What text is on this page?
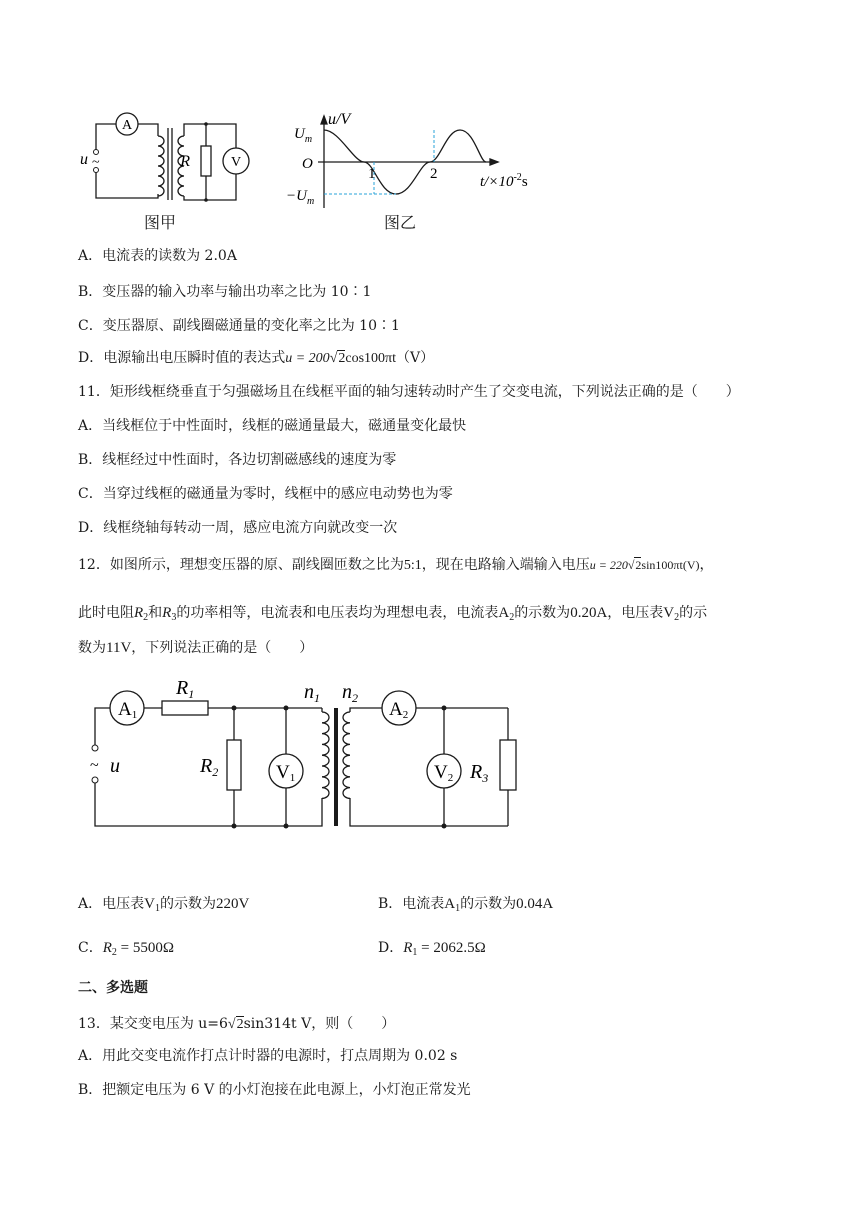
A
V
R
u ~
图甲
u/V
$U_m$
O
$-U_m$
1	2	$t/\times 10^{-2}s$
图乙
A．电流表的读数为 2.0A
B．变压器的输入功率与输出功率之比为 10∶1
C．变压器原、副线圈磁通量的变化率之比为 10∶1
D．电源输出电压瞬时值的表达式u = 200√2cos100πt（V）
11．矩形线框绕垂直于匀强磁场且在线框平面的轴匀速转动时产生了交变电流，下列说法正确的是（　　）
A．当线框位于中性面时，线框的磁通量最大，磁通量变化最快
B．线框经过中性面时，各边切割磁感线的速度为零
C．当穿过线框的磁通量为零时，线框中的感应电动势也为零
D．线框绕轴每转动一周，感应电流方向就改变一次
12．如图所示，理想变压器的原、副线圈匝数之比为5:1，现在电路输入端输入电压u = 220√2sin100πt(V)，
此时电阻$R_2$和$R_3$的功率相等，电流表和电压表均为理想电表，电流表$A_2$的示数为0.20A，电压表$V_2$的示
数为11V，下列说法正确的是（　　）
A1
$R_1$	$n_1$ $n_2$
A2
$R_2$	V1	V2 $R_3$
u
~
A．电压表$V_1$的示数为220V	B．电流表$A_1$的示数为0.04A
C．$R_2 = 5500\Omega$	D．$R_1 = 2062.5\Omega$
二、多选题
13．某交变电压为 u=6√2sin314t V，则（　　）
A．用此交变电流作打点计时器的电源时，打点周期为 0.02 s
B．把额定电压为 6 V 的小灯泡接在此电源上，小灯泡正常发光
